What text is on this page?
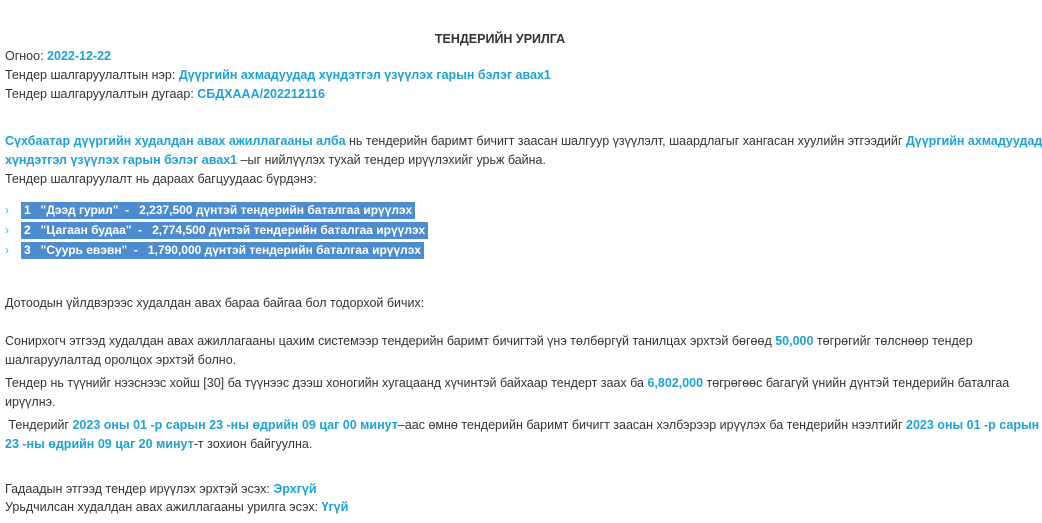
ТЕНДЕРИЙН УРИЛГА
Огноо: 2022-12-22
Тендер шалгаруулалтын нэр: Дүүргийн ахмадуудад хүндэтгэл үзүүлэх гарын бэлэг авах1
Тендер шалгаруулалтын дугаар: СБДХААА/202212116
Сүхбаатар дүүргийн худалдан авах ажиллагааны алба нь тендерийн баримт бичигт заасан шалгуур үзүүлэлт, шаардлагыг хангасан хуулийн этгээдийг Дүүргийн ахмадуудад
хүндэтгэл үзүүлэх гарын бэлэг авах1 –ыг нийлүүлэх тухай тендер ирүүлэхийг урьж байна.
Тендер шалгаруулалт нь дараах багцуудаас бүрдэнэ:
› 1   "Дээд гурил"  -   2,237,500 дүнтэй тендерийн баталгаа ирүүлэх
› 2   "Цагаан будаа"  -   2,774,500 дүнтэй тендерийн баталгаа ирүүлэх
› 3   "Суурь евэвн"  -   1,790,000 дүнтэй тендерийн баталгаа ирүүлэх
Дотоодын үйлдвэрээс худалдан авах бараа байгаа бол тодорхой бичих:
Сонирхогч этгээд худалдан авах ажиллагааны цахим системээр тендерийн баримт бичигтэй үнэ төлбөргүй танилцах эрхтэй бөгөөд 50,000 төгрөгийг төлснөөр тендер
шалгаруулалтад оролцох эрхтэй болно.
Тендер нь түүнийг нээснээс хойш [30] ба түүнээс дээш хоногийн хугацаанд хүчинтэй байхаар тендерт заах ба 6,802,000 төгрөгөөс багагүй үнийн дүнтэй тендерийн баталгаа
ирүүлнэ.
Тендерийг 2023 оны 01 -р сарын 23 -ны өдрийн 09 цаг 00 минут–аас өмнө тендерийн баримт бичигт заасан хэлбэрээр ирүүлэх ба тендерийн нээлтийг 2023 оны 01 -р сарын
23 -ны өдрийн 09 цаг 20 минут-т зохион байгуулна.
Гадаадын этгээд тендер ирүүлэх эрхтэй эсэх: Эрхгүй
Урьдчилсан худалдан авах ажиллагааны урилга эсэх: Үгүй
